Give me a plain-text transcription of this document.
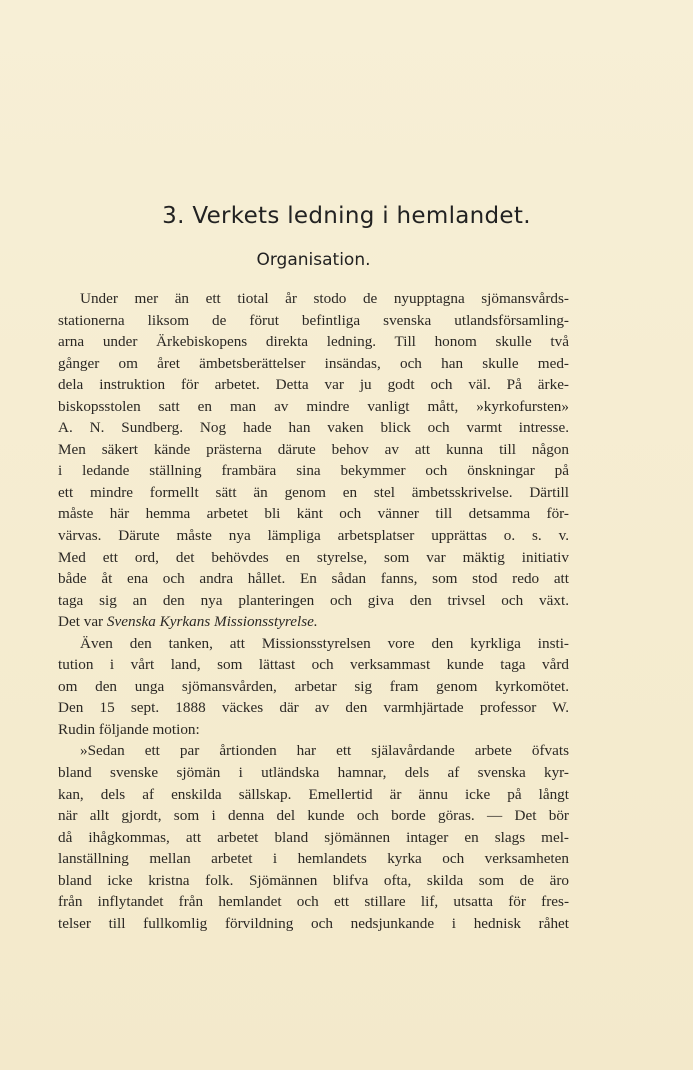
3. Verkets ledning i hemlandet.
Organisation.
Under mer än ett tiotal år stodo de nyupptagna sjömansvårds-
stationerna liksom de förut befintliga svenska utlandsförsamling-
arna under Ärkebiskopens direkta ledning. Till honom skulle två
gånger om året ämbetsberättelser insändas, och han skulle med-
dela instruktion för arbetet. Detta var ju godt och väl. På ärke-
biskopsstolen satt en man av mindre vanligt mått, »kyrkofursten»
A. N. Sundberg. Nog hade han vaken blick och varmt intresse.
Men säkert kände prästerna därute behov av att kunna till någon
i ledande ställning frambära sina bekymmer och önskningar på
ett mindre formellt sätt än genom en stel ämbetsskrivelse. Därtill
måste här hemma arbetet bli känt och vänner till detsamma för-
värvas. Därute måste nya lämpliga arbetsplatser upprättas o. s. v.
Med ett ord, det behövdes en styrelse, som var mäktig initiativ
både åt ena och andra hållet. En sådan fanns, som stod redo att
taga sig an den nya planteringen och giva den trivsel och växt.
Det var Svenska Kyrkans Missionsstyrelse.
Även den tanken, att Missionsstyrelsen vore den kyrkliga insti-
tution i vårt land, som lättast och verksammast kunde taga vård
om den unga sjömansvården, arbetar sig fram genom kyrkomötet.
Den 15 sept. 1888 väckes där av den varmhjärtade professor W.
Rudin följande motion:
»Sedan ett par årtionden har ett själavårdande arbete öfvats
bland svenske sjömän i utländska hamnar, dels af svenska kyr-
kan, dels af enskilda sällskap. Emellertid är ännu icke på långt
när allt gjordt, som i denna del kunde och borde göras. — Det bör
då ihågkommas, att arbetet bland sjömännen intager en slags mel-
lanställning mellan arbetet i hemlandets kyrka och verksamheten
bland icke kristna folk. Sjömännen blifva ofta, skilda som de äro
från inflytandet från hemlandet och ett stillare lif, utsatta för fres-
telser till fullkomlig förvildning och nedsjunkande i hednisk råhet
